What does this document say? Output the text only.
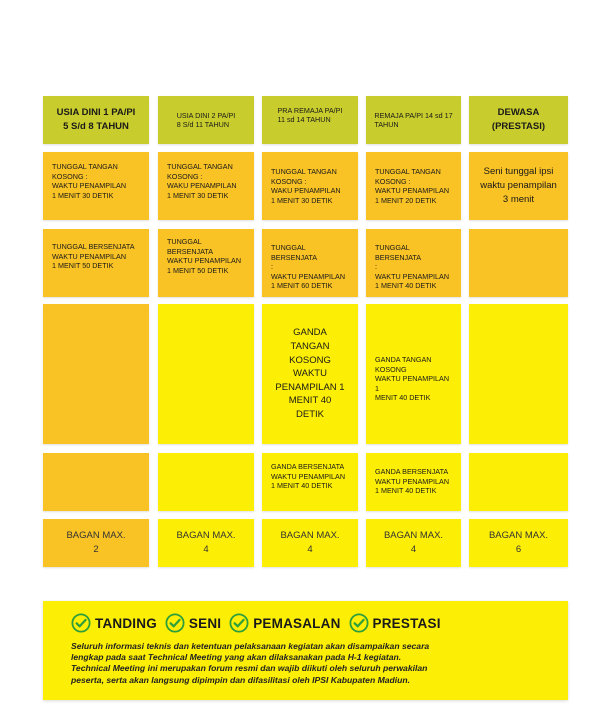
USIA DINI 1 PA/PI
5 S/d 8 TAHUN
USIA DINI 2 PA/PI
8 S/d 11 TAHUN
PRA REMAJA PA/PI
11 sd 14 TAHUN	REMAJA PA/PI 14 sd 17
TAHUN
DEWASA
(PRESTASI)

TUNGGAL TANGAN

KOSONG :

WAKTU PENAMPILAN

1 MENIT 30 DETIK

TUNGGAL TANGAN

KOSONG :

WAKU PENAMPILAN

1 MENIT 30 DETIK

TUNGGAL TANGAN

KOSONG :

WAKU PENAMPILAN

1 MENIT 30 DETIK

TUNGGAL TANGAN

KOSONG :

WAKTU PENAMPILAN

1 MENIT 20 DETIK

Seni tunggal ipsi
waktu penampilan
3 menit

TUNGGAL BERSENJATA

WAKTU PENAMPILAN

1 MENIT 50 DETIK

TUNGGAL

BERSENJATA

WAKTU PENAMPILAN

1 MENIT 50 DETIK

TUNGGAL BERSENJATA

:

WAKTU PENAMPILAN

1 MENIT 60 DETIK

TUNGGAL BERSENJATA

:

WAKTU PENAMPILAN

1 MENIT 40 DETIK

GANDA
TANGAN
KOSONG
WAKTU
PENAMPILAN 1
MENIT 40
DETIK

GANDA TANGAN

KOSONG

WAKTU PENAMPILAN 1

MENIT 40 DETIK

GANDA BERSENJATA

WAKTU PENAMPILAN

1 MENIT 40 DETIK

GANDA BERSENJATA

WAKTU PENAMPILAN

1 MENIT 40 DETIK

BAGAN MAX.
2
BAGAN MAX.
4
BAGAN MAX.
4
BAGAN MAX.
4
BAGAN MAX.
6
TANDING SENI PEMASALAN PRESTASI
Seluruh informasi teknis dan ketentuan pelaksanaan kegiatan akan disampaikan secara
lengkap pada saat Technical Meeting yang akan dilaksanakan pada H-1 kegiatan.
Technical Meeting ini merupakan forum resmi dan wajib diikuti oleh seluruh perwakilan
peserta, serta akan langsung dipimpin dan difasilitasi oleh IPSI Kabupaten Madiun.
